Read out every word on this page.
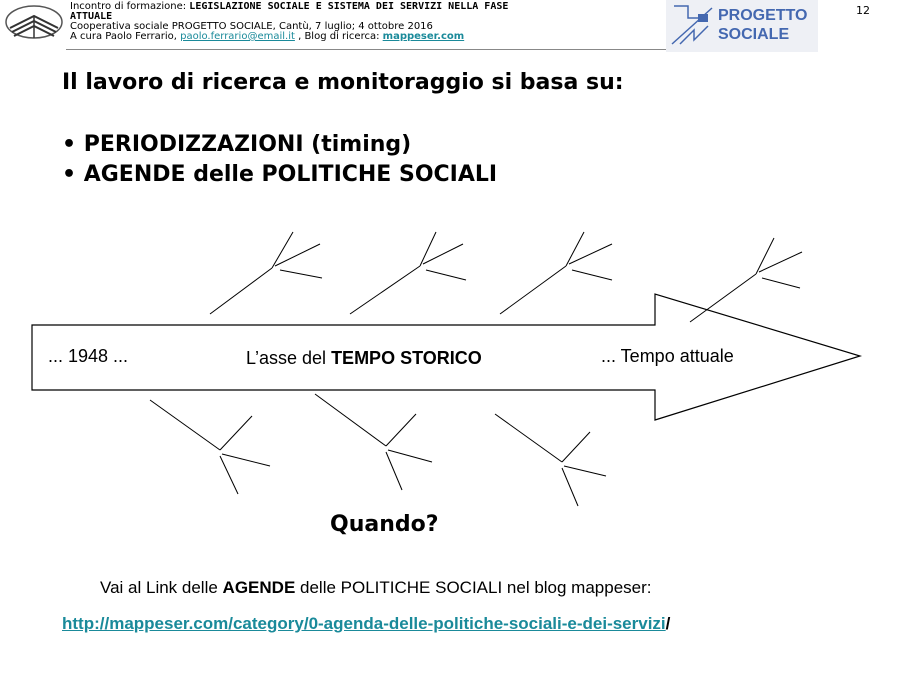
Incontro di formazione: LEGISLAZIONE SOCIALE E SISTEMA DEI SERVIZI NELLA FASE
ATTUALE
Cooperativa sociale PROGETTO SOCIALE, Cantù, 7 luglio; 4 ottobre 2016
A cura Paolo Ferrario, paolo.ferrario@email.it , Blog di ricerca: mappeser.com
PROGETTO
SOCIALE
12
Il lavoro di ricerca e monitoraggio si basa su:
• PERIODIZZAZIONI (timing)
• AGENDE delle POLITICHE SOCIALI
... 1948 ...	L’asse del TEMPO STORICO	... Tempo attuale
Quando?
Vai al Link delle AGENDE delle POLITICHE SOCIALI nel blog mappeser:
http://mappeser.com/category/0-agenda-delle-politiche-sociali-e-dei-servizi/
